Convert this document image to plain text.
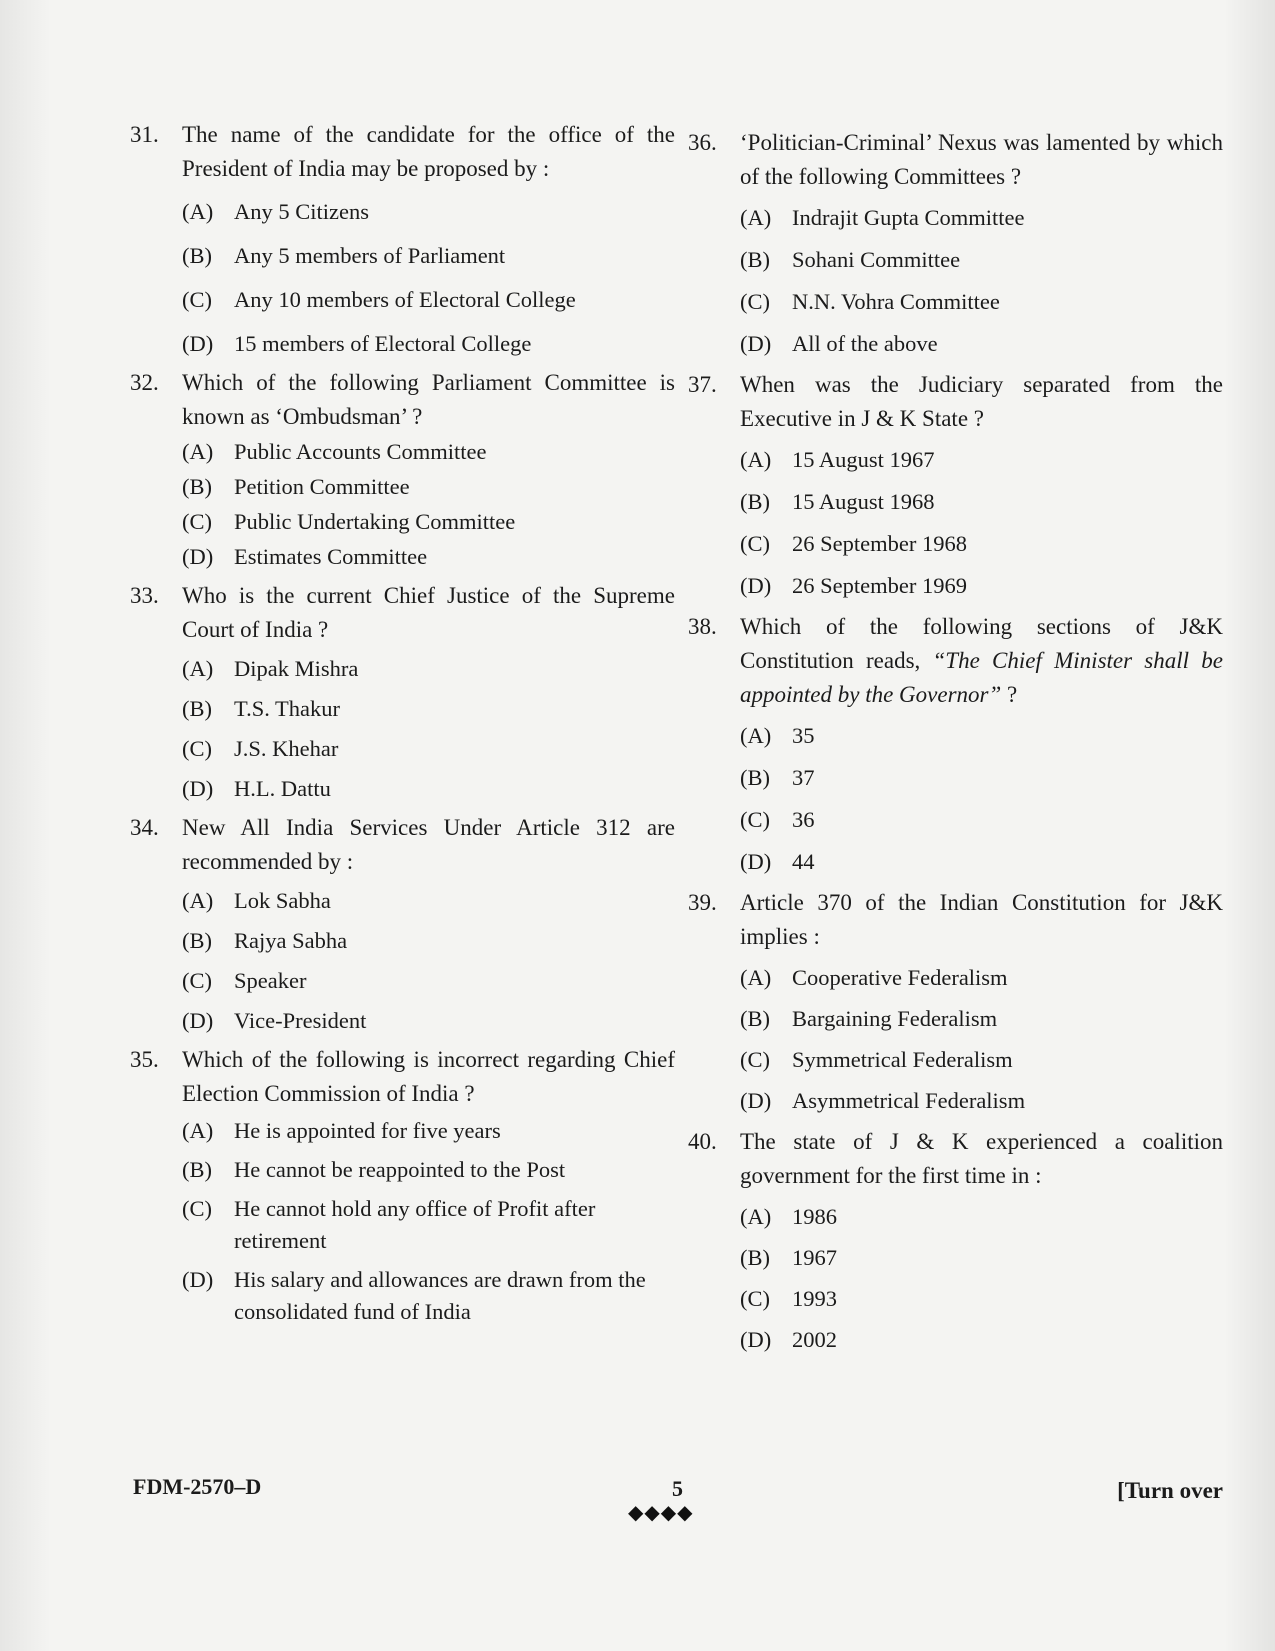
31.	The name of the candidate for the office of the President of India may be proposed by :
(A) Any 5 Citizens
(B) Any 5 members of Parliament
(C) Any 10 members of Electoral College
(D) 15 members of Electoral College
32.	Which of the following Parliament Committee is known as ‘Ombudsman’ ?
(A) Public Accounts Committee
(B) Petition Committee
(C) Public Undertaking Committee
(D) Estimates Committee
33.	Who is the current Chief Justice of the Supreme Court of India ?
(A) Dipak Mishra
(B) T.S. Thakur
(C) J.S. Khehar
(D) H.L. Dattu
34.	New All India Services Under Article 312 are recommended by :
(A) Lok Sabha
(B) Rajya Sabha
(C) Speaker
(D) Vice-President
35.	Which of the following is incorrect regarding Chief Election Commission of India ?
(A) He is appointed for five years
(B) He cannot be reappointed to the Post
(C) He cannot hold any office of Profit after retirement
(D) His salary and allowances are drawn from the consolidated fund of India
36.	‘Politician-Criminal’ Nexus was lamented by which of the following Committees ?
(A) Indrajit Gupta Committee
(B) Sohani Committee
(C) N.N. Vohra Committee
(D) All of the above
37.	When was the Judiciary separated from the Executive in J & K State ?
(A) 15 August 1967
(B) 15 August 1968
(C) 26 September 1968
(D) 26 September 1969
38.	Which of the following sections of J&K Constitution reads, “The Chief Minister shall be appointed by the Governor” ?
(A) 35
(B) 37
(C) 36
(D) 44
39.	Article 370 of the Indian Constitution for J&K implies :
(A) Cooperative Federalism
(B) Bargaining Federalism
(C) Symmetrical Federalism
(D) Asymmetrical Federalism
40.	The state of J & K experienced a coalition government for the first time in :
(A) 1986
(B) 1967
(C) 1993
(D) 2002
FDM-2570–D	5
◆◆◆◆
[Turn over
